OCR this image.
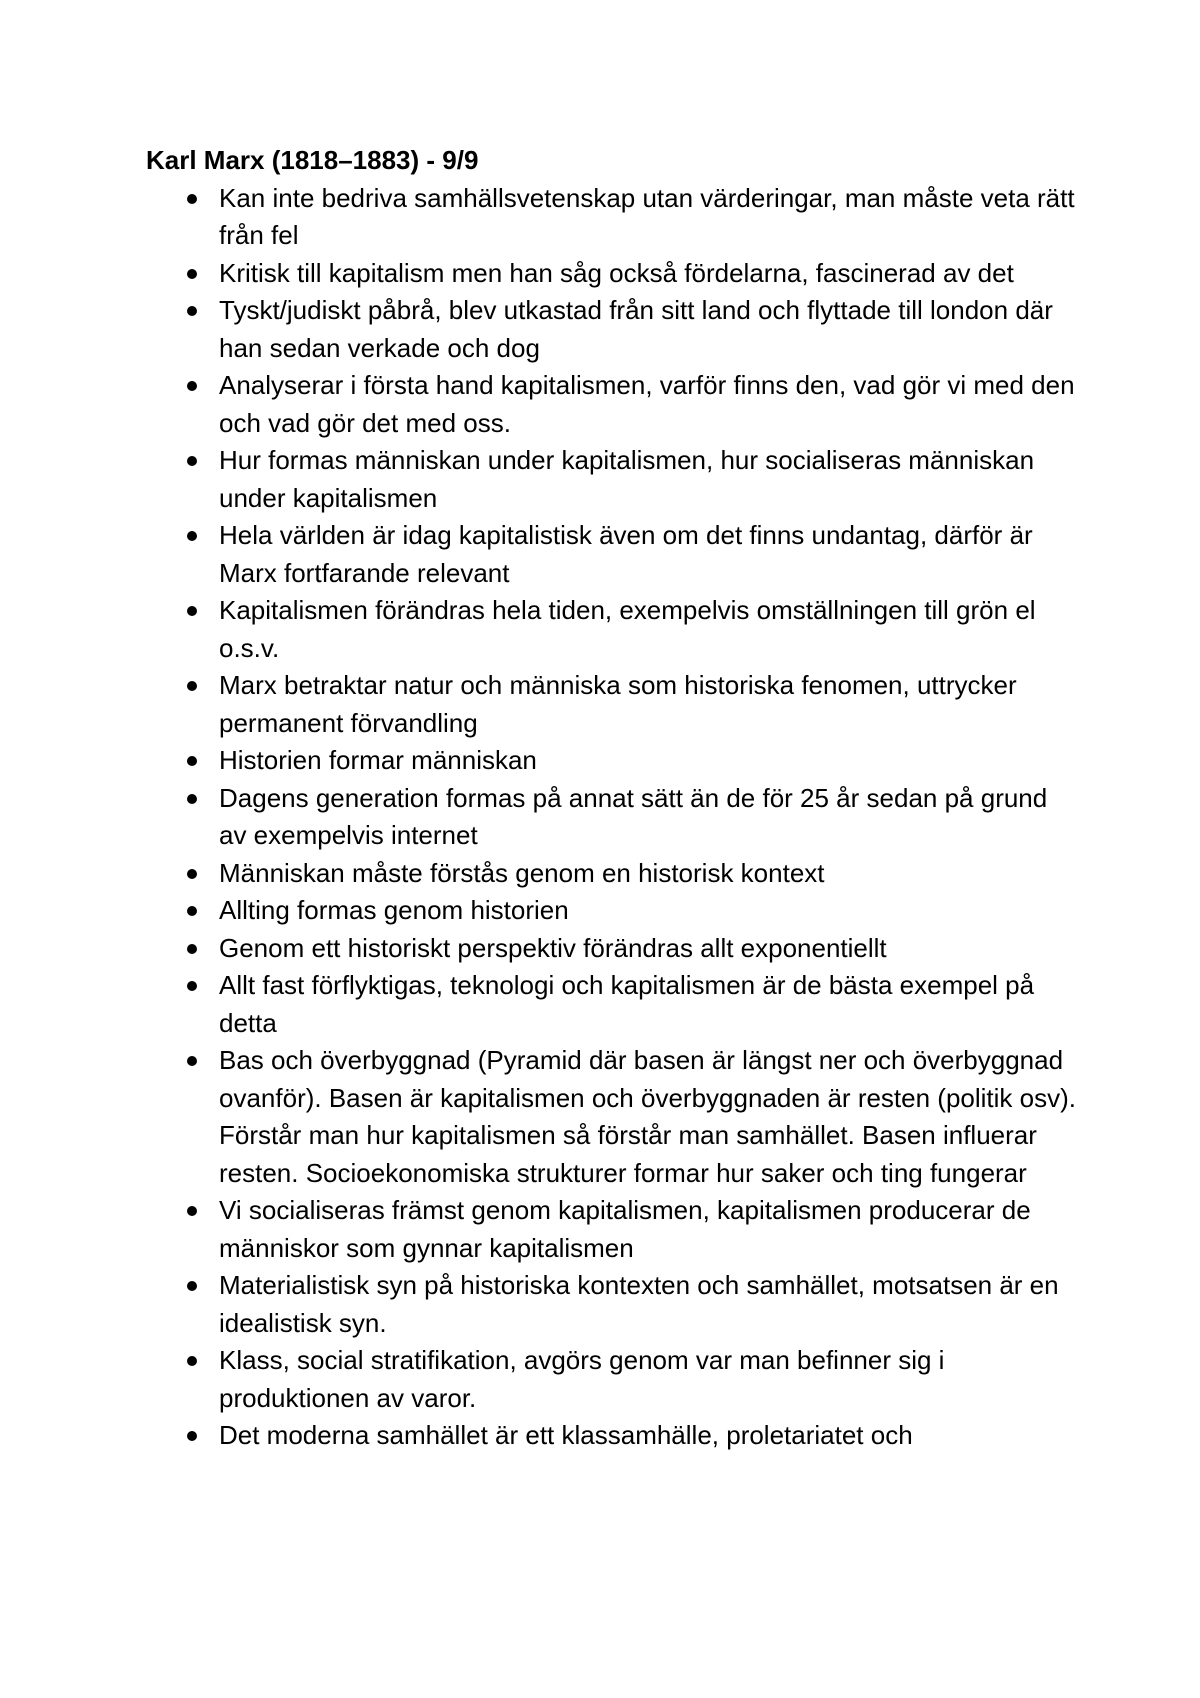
Karl Marx (1818–1883) - 9/9

Kan inte bedriva samhällsvetenskap utan värderingar, man måste veta rätt från fel
Kritisk till kapitalism men han såg också fördelarna, fascinerad av det
Tyskt/judiskt påbrå, blev utkastad från sitt land och flyttade till london där han sedan verkade och dog
Analyserar i första hand kapitalismen, varför finns den, vad gör vi med den och vad gör det med oss.
Hur formas människan under kapitalismen, hur socialiseras människan under kapitalismen
Hela världen är idag kapitalistisk även om det finns undantag, därför är Marx fortfarande relevant
Kapitalismen förändras hela tiden, exempelvis omställningen till grön el o.s.v.
Marx betraktar natur och människa som historiska fenomen, uttrycker permanent förvandling
Historien formar människan
Dagens generation formas på annat sätt än de för 25 år sedan på grund av exempelvis internet
Människan måste förstås genom en historisk kontext
Allting formas genom historien
Genom ett historiskt perspektiv förändras allt exponentiellt
Allt fast förflyktigas, teknologi och kapitalismen är de bästa exempel på detta
Bas och överbyggnad (Pyramid där basen är längst ner och överbyggnad ovanför). Basen är kapitalismen och överbyggnaden är resten (politik osv). Förstår man hur kapitalismen så förstår man samhället. Basen influerar resten. Socioekonomiska strukturer formar hur saker och ting fungerar
Vi socialiseras främst genom kapitalismen, kapitalismen producerar de människor som gynnar kapitalismen
Materialistisk syn på historiska kontexten och samhället, motsatsen är en idealistisk syn.
Klass, social stratifikation, avgörs genom var man befinner sig i produktionen av varor.
Det moderna samhället är ett klassamhälle, proletariatet och
